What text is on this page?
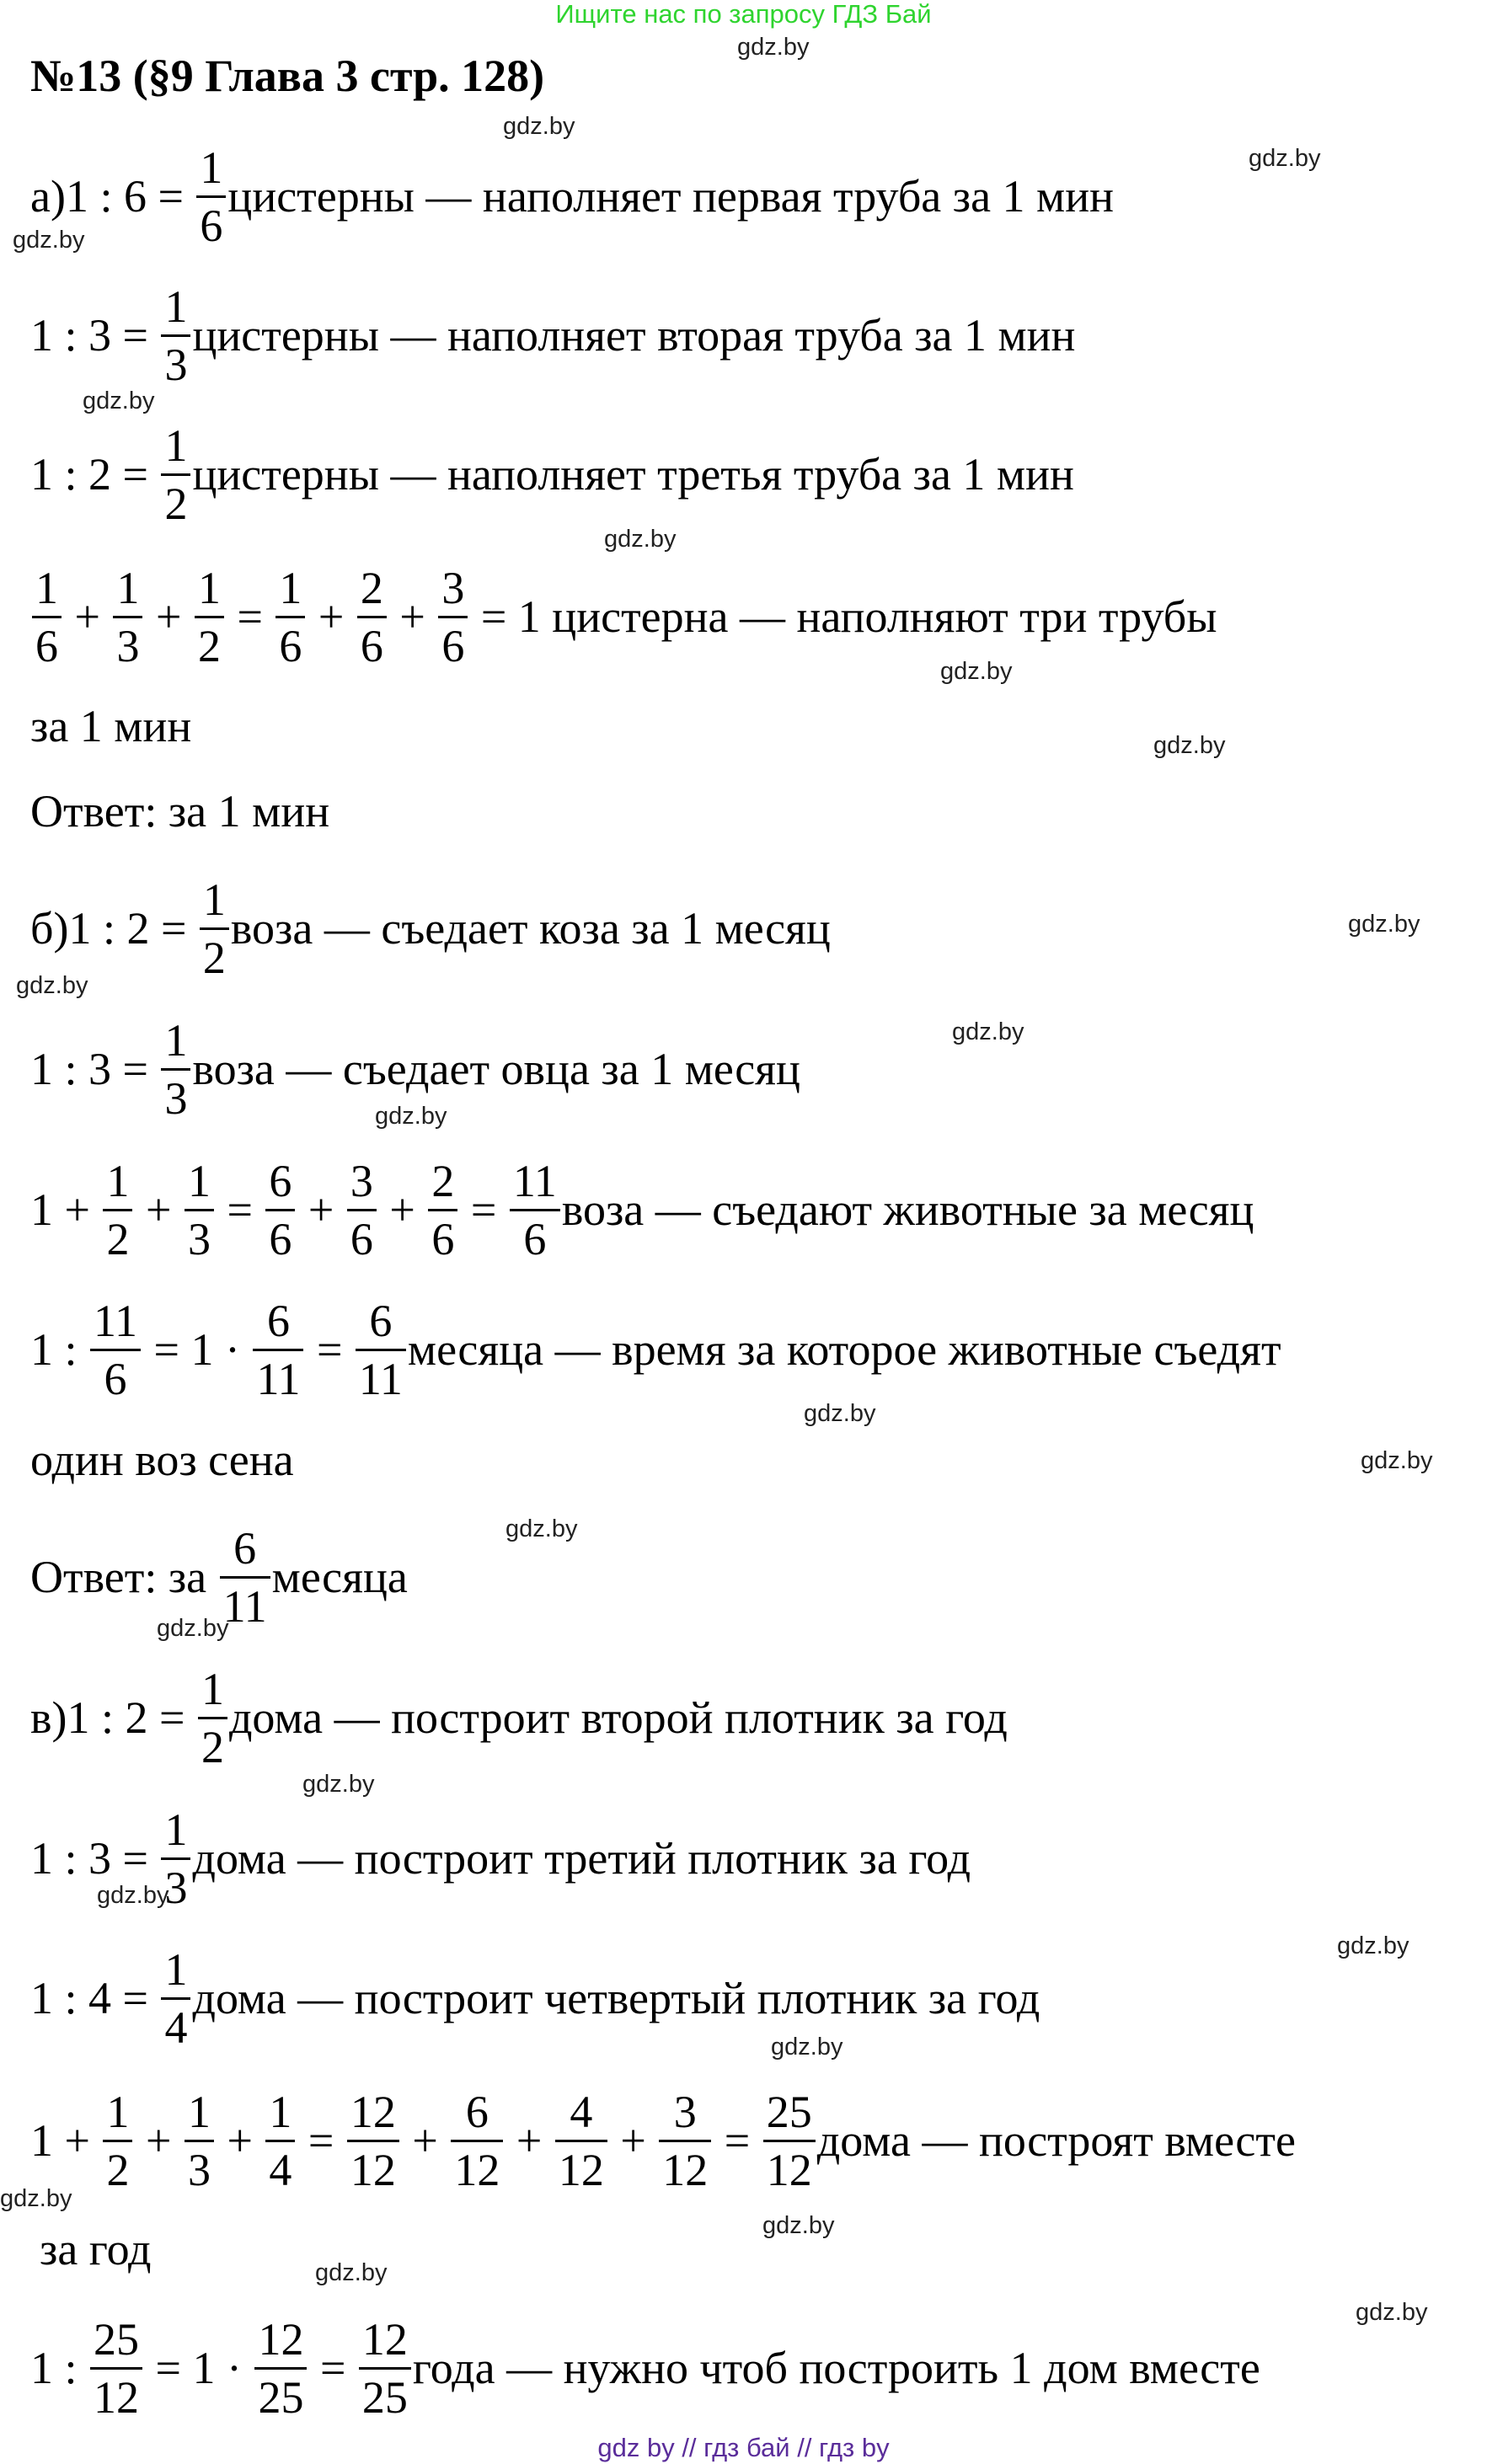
Ищите нас по запросу ГДЗ Бай
№13 (§9 Глава 3 стр. 128)
а)1 : $6 = \frac{1}{6}$ цистерны — наполняет первая труба за 1 мин
1 : $3 = \frac{1}{3}$ цистерны — наполняет вторая труба за 1 мин
1 : $2 = \frac{1}{2}$ цистерны — наполняет третья труба за 1 мин
$\frac{1}{6} + \frac{1}{3} + \frac{1}{2} = \frac{1}{6} + \frac{2}{6} + \frac{3}{6} = 1$ цистерна — наполняют три трубы
за 1 мин
Ответ: за 1 мин
б)1 : $2 = \frac{1}{2}$ воза — съедает коза за 1 месяц
1 : $3 = \frac{1}{3}$ воза — съедает овца за 1 месяц
$1 + \frac{1}{2} + \frac{1}{3} = \frac{6}{6} + \frac{3}{6} + \frac{2}{6} = \frac{11}{6}$ воза — съедают животные за месяц
1 : $\frac{11}{6} = 1 \cdot \frac{6}{11} = \frac{6}{11}$ месяца — время за которое животные съедят
один воз сена
Ответ: за $\frac{6}{11}$ месяца
в)1 : $2 = \frac{1}{2}$ дома — построит второй плотник за год
1 : $3 = \frac{1}{3}$ дома — построит третий плотник за год
1 : $4 = \frac{1}{4}$ дома — построит четвертый плотник за год
$1 + \frac{1}{2} + \frac{1}{3} + \frac{1}{4} = \frac{12}{12} + \frac{6}{12} + \frac{4}{12} + \frac{3}{12} = \frac{25}{12}$ дома — построят вместе
за год
1 : $\frac{25}{12} = 1 \cdot \frac{12}{25} = \frac{12}{25}$ года — нужно чтоб построить 1 дом вместе
gdz.by
gdz.by
gdz.by
gdz.by
gdz.by
gdz.by
gdz.by
gdz.by
gdz.by
gdz.by
gdz.by
gdz.by
gdz.by
gdz.by
gdz.by
gdz.by
gdz.by
gdz.by
gdz.by
gdz.by
gdz.by
gdz.by
gdz.by
gdz.by
gdz by // гдз бай // гдз by
